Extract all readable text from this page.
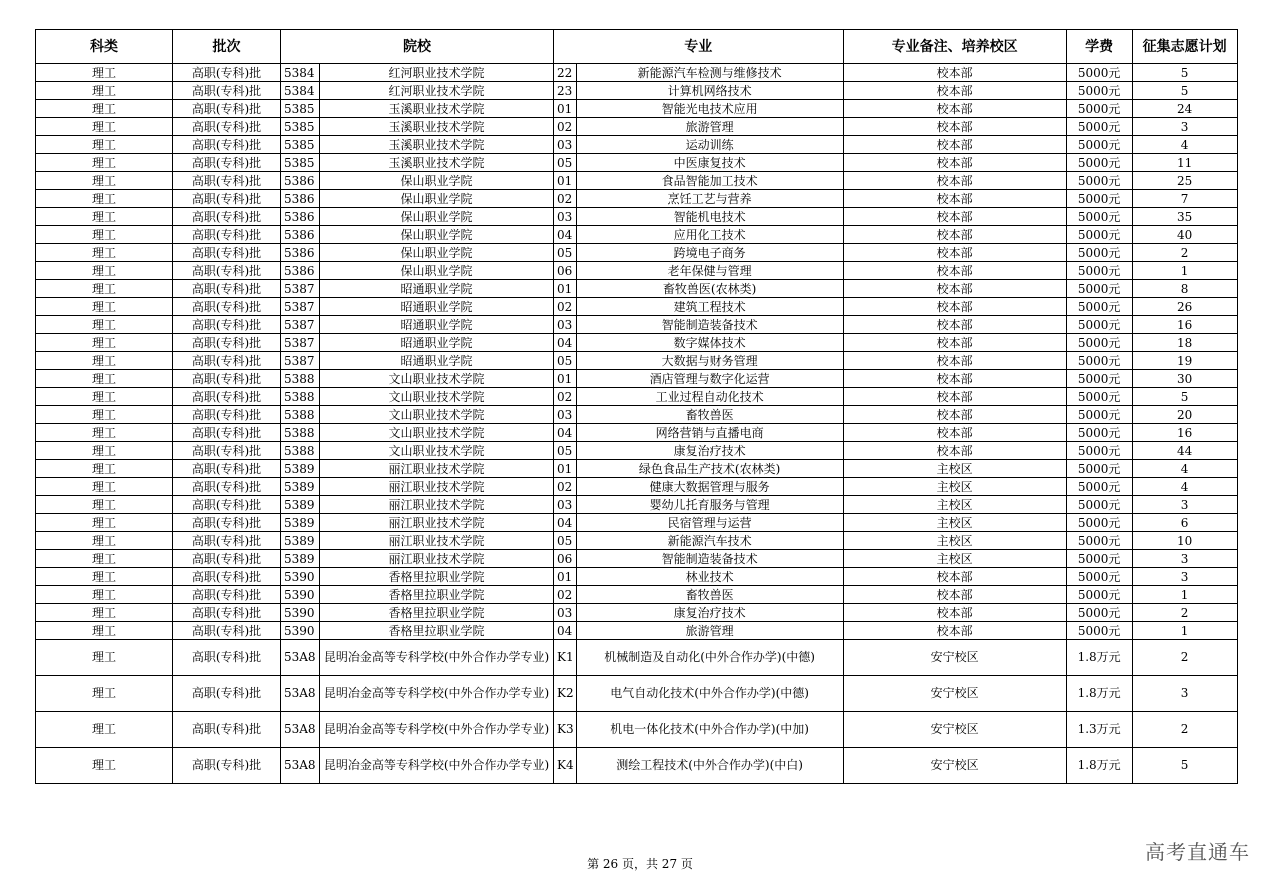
科类	批次	院校		专业		专业备注、培养校区	学费	征集志愿计划
理工	高职(专科)批	5384	红河职业技术学院	22	新能源汽车检测与维修技术	校本部	5000元	5
理工	高职(专科)批	5384	红河职业技术学院	23	计算机网络技术	校本部	5000元	5
理工	高职(专科)批	5385	玉溪职业技术学院	01	智能光电技术应用	校本部	5000元	24
理工	高职(专科)批	5385	玉溪职业技术学院	02	旅游管理	校本部	5000元	3
理工	高职(专科)批	5385	玉溪职业技术学院	03	运动训练	校本部	5000元	4
理工	高职(专科)批	5385	玉溪职业技术学院	05	中医康复技术	校本部	5000元	11
理工	高职(专科)批	5386	保山职业学院	01	食品智能加工技术	校本部	5000元	25
理工	高职(专科)批	5386	保山职业学院	02	烹饪工艺与营养	校本部	5000元	7
理工	高职(专科)批	5386	保山职业学院	03	智能机电技术	校本部	5000元	35
理工	高职(专科)批	5386	保山职业学院	04	应用化工技术	校本部	5000元	40
理工	高职(专科)批	5386	保山职业学院	05	跨境电子商务	校本部	5000元	2
理工	高职(专科)批	5386	保山职业学院	06	老年保健与管理	校本部	5000元	1
理工	高职(专科)批	5387	昭通职业学院	01	畜牧兽医(农林类)	校本部	5000元	8
理工	高职(专科)批	5387	昭通职业学院	02	建筑工程技术	校本部	5000元	26
理工	高职(专科)批	5387	昭通职业学院	03	智能制造装备技术	校本部	5000元	16
理工	高职(专科)批	5387	昭通职业学院	04	数字媒体技术	校本部	5000元	18
理工	高职(专科)批	5387	昭通职业学院	05	大数据与财务管理	校本部	5000元	19
理工	高职(专科)批	5388	文山职业技术学院	01	酒店管理与数字化运营	校本部	5000元	30
理工	高职(专科)批	5388	文山职业技术学院	02	工业过程自动化技术	校本部	5000元	5
理工	高职(专科)批	5388	文山职业技术学院	03	畜牧兽医	校本部	5000元	20
理工	高职(专科)批	5388	文山职业技术学院	04	网络营销与直播电商	校本部	5000元	16
理工	高职(专科)批	5388	文山职业技术学院	05	康复治疗技术	校本部	5000元	44
理工	高职(专科)批	5389	丽江职业技术学院	01	绿色食品生产技术(农林类)	主校区	5000元	4
理工	高职(专科)批	5389	丽江职业技术学院	02	健康大数据管理与服务	主校区	5000元	4
理工	高职(专科)批	5389	丽江职业技术学院	03	婴幼儿托育服务与管理	主校区	5000元	3
理工	高职(专科)批	5389	丽江职业技术学院	04	民宿管理与运营	主校区	5000元	6
理工	高职(专科)批	5389	丽江职业技术学院	05	新能源汽车技术	主校区	5000元	10
理工	高职(专科)批	5389	丽江职业技术学院	06	智能制造装备技术	主校区	5000元	3
理工	高职(专科)批	5390	香格里拉职业学院	01	林业技术	校本部	5000元	3
理工	高职(专科)批	5390	香格里拉职业学院	02	畜牧兽医	校本部	5000元	1
理工	高职(专科)批	5390	香格里拉职业学院	03	康复治疗技术	校本部	5000元	2
理工	高职(专科)批	5390	香格里拉职业学院	04	旅游管理	校本部	5000元	1
理工	高职(专科)批	53A8	昆明冶金高等专科学校(中外合作办学专业)	K1	机械制造及自动化(中外合作办学)(中德)	安宁校区	1.8万元	2
理工	高职(专科)批	53A8	昆明冶金高等专科学校(中外合作办学专业)	K2	电气自动化技术(中外合作办学)(中德)	安宁校区	1.8万元	3
理工	高职(专科)批	53A8	昆明冶金高等专科学校(中外合作办学专业)	K3	机电一体化技术(中外合作办学)(中加)	安宁校区	1.3万元	2
理工	高职(专科)批	53A8	昆明冶金高等专科学校(中外合作办学专业)	K4	测绘工程技术(中外合作办学)(中白)	安宁校区	1.8万元	5
第 26 页，共 27 页	高考直通车
